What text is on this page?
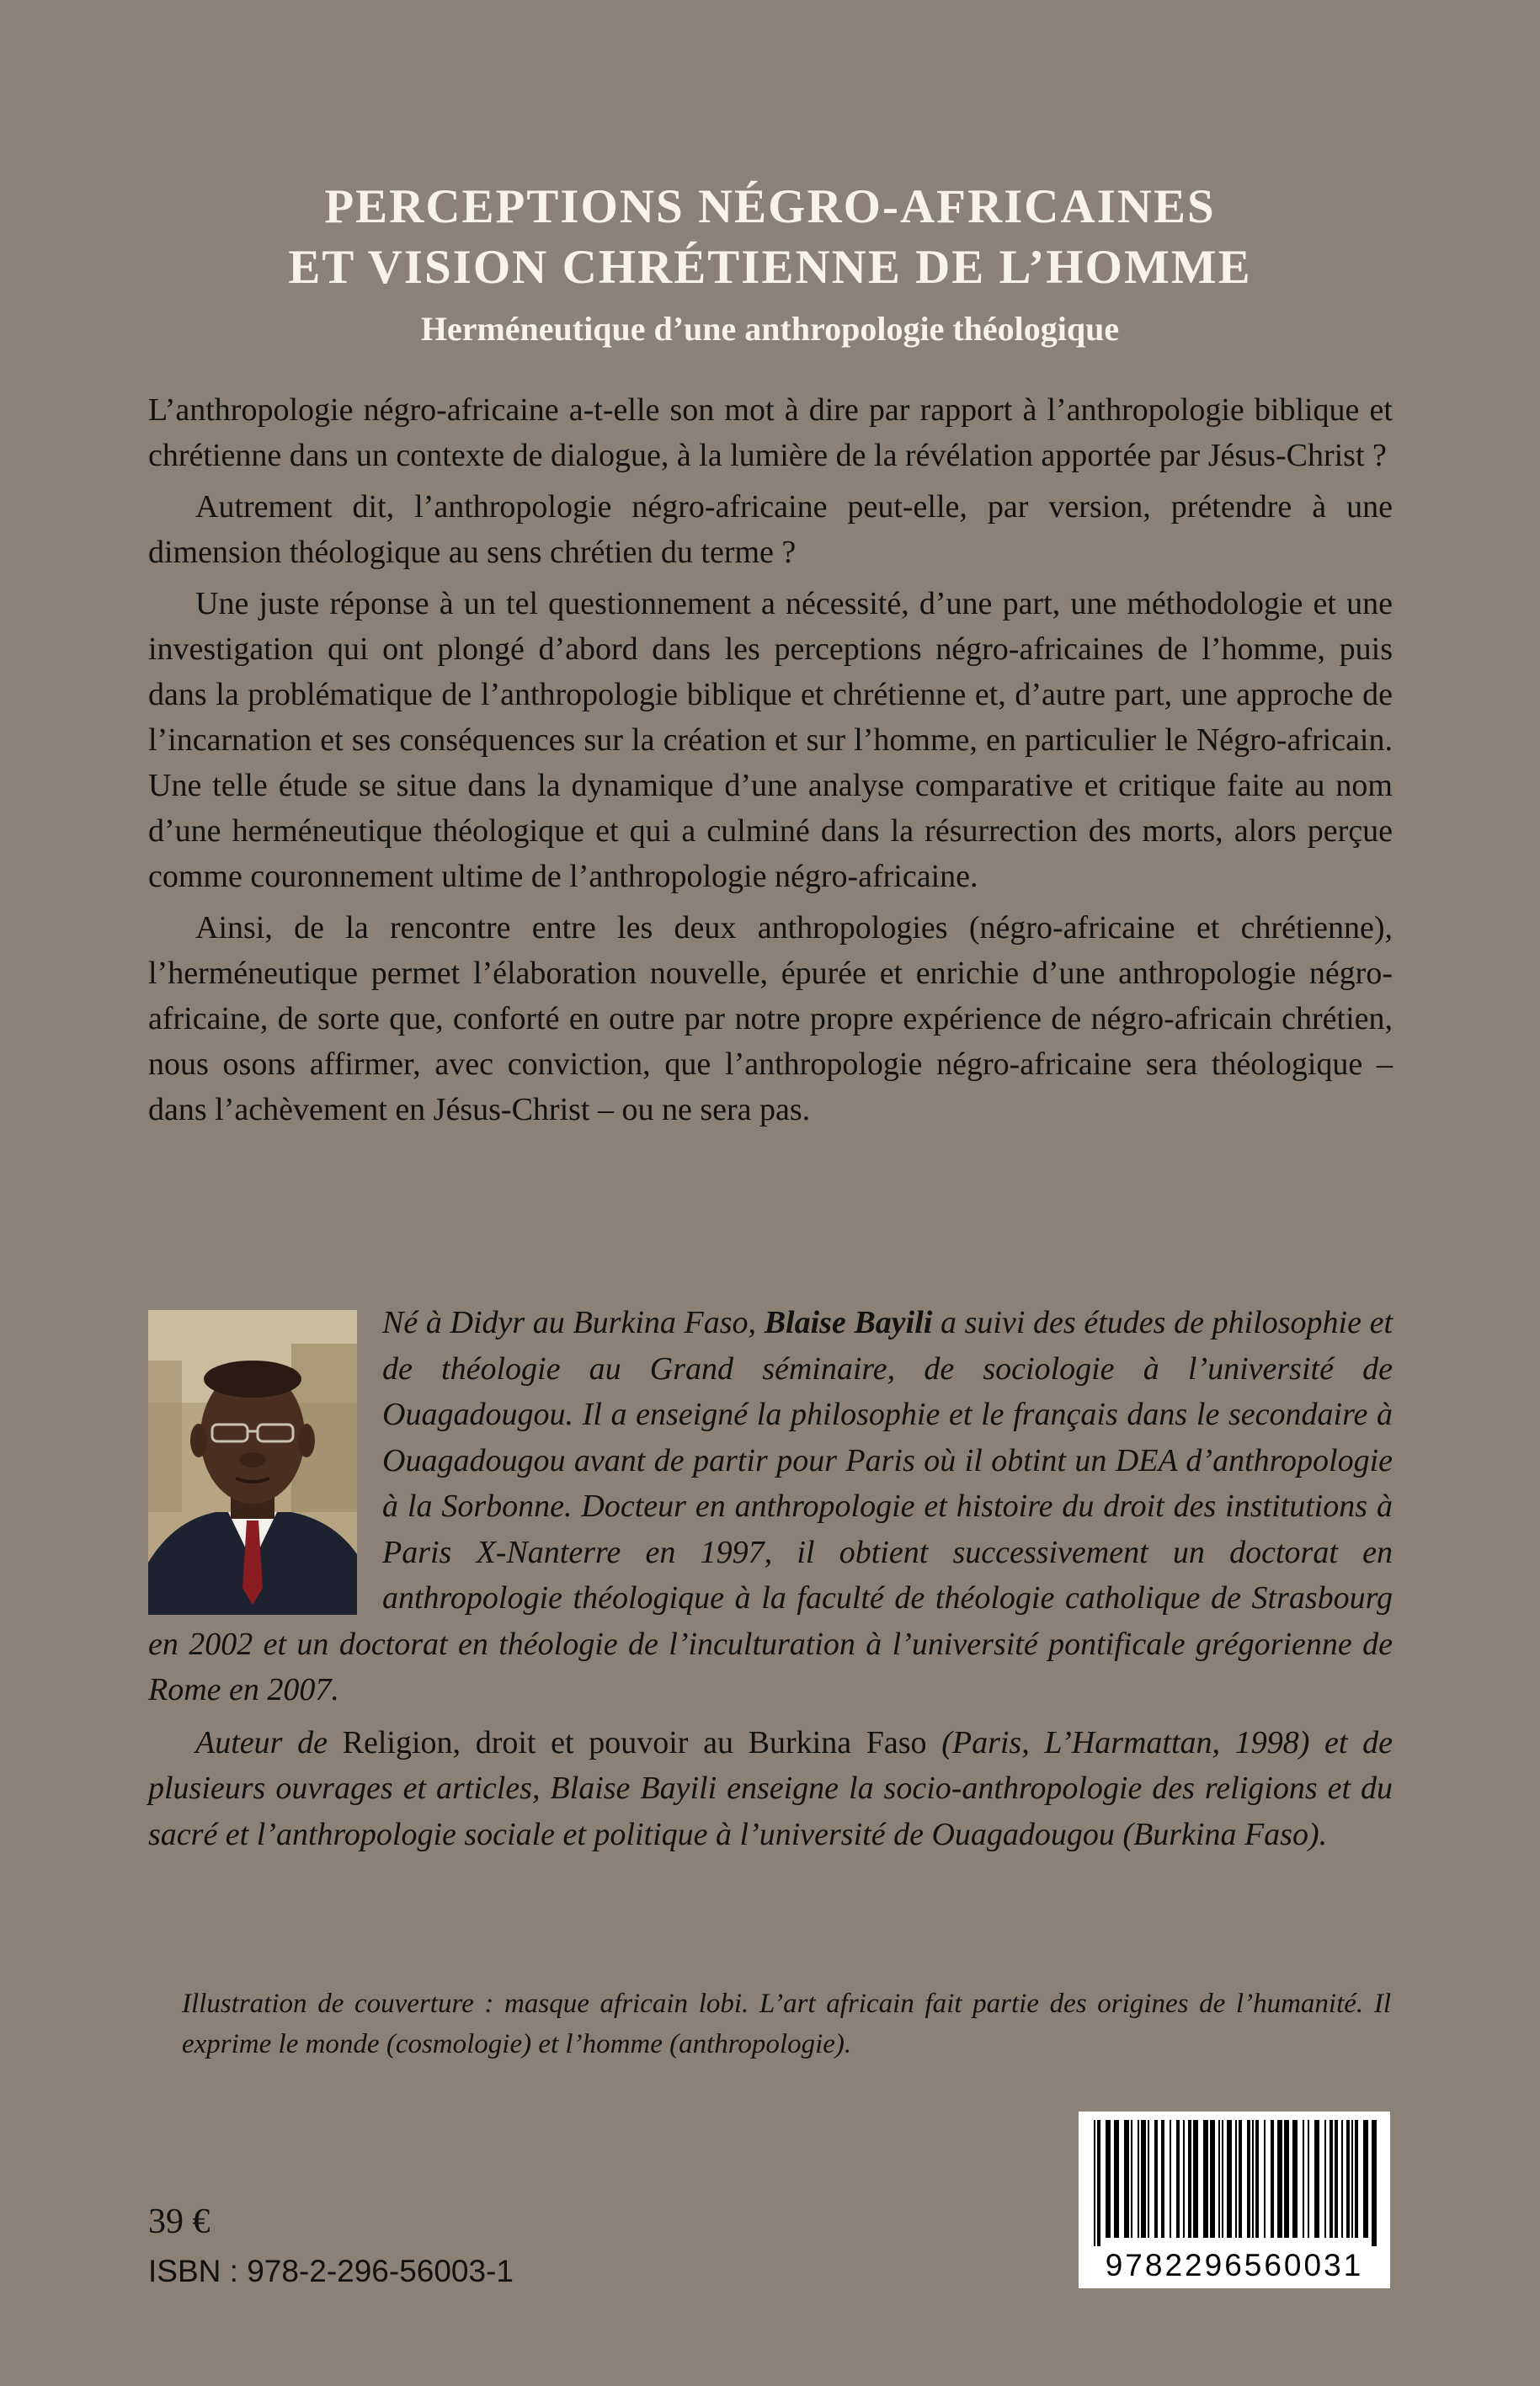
PERCEPTIONS NÉGRO-AFRICAINES
ET VISION CHRÉTIENNE DE L’HOMME
Herméneutique d’une anthropologie théologique

L’anthropologie négro-africaine a-t-elle son mot à dire par rapport à l’anthropologie biblique et chrétienne dans un contexte de dialogue, à la lumière de la révélation apportée par Jésus-Christ ?

Autrement dit, l’anthropologie négro-africaine peut-elle, par version, prétendre à une dimension théologique au sens chrétien du terme ?

Une juste réponse à un tel questionnement a nécessité, d’une part, une méthodologie et une investigation qui ont plongé d’abord dans les perceptions négro-africaines de l’homme, puis dans la problématique de l’anthropologie biblique et chrétienne et, d’autre part, une approche de l’incarnation et ses conséquences sur la création et sur l’homme, en particulier le Négro-africain. Une telle étude se situe dans la dynamique d’une analyse comparative et critique faite au nom d’une herméneutique théologique et qui a culminé dans la résurrection des morts, alors perçue comme couronnement ultime de l’anthropologie négro-africaine.

Ainsi, de la rencontre entre les deux anthropologies (négro-africaine et chrétienne), l’herméneutique permet l’élaboration nouvelle, épurée et enrichie d’une anthropologie négro-africaine, de sorte que, conforté en outre par notre propre expérience de négro-africain chrétien, nous osons affirmer, avec conviction, que l’anthropologie négro-africaine sera théologique – dans l’achèvement en Jésus-Christ – ou ne sera pas.

Né à Didyr au Burkina Faso, Blaise Bayili a suivi des études de philosophie et de théologie au Grand séminaire, de sociologie à l’université de Ouagadougou. Il a enseigné la philosophie et le français dans le secondaire à Ouagadougou avant de partir pour Paris où il obtint un DEA d’anthropologie à la Sorbonne. Docteur en anthropologie et histoire du droit des institutions à Paris X-Nanterre en 1997, il obtient successivement un doctorat en anthropologie théologique à la faculté de théologie catholique de Strasbourg en 2002 et un doctorat en théologie de l’inculturation à l’université pontificale grégorienne de Rome en 2007.

Auteur de Religion, droit et pouvoir au Burkina Faso (Paris, L’Harmattan, 1998) et de plusieurs ouvrages et articles, Blaise Bayili enseigne la socio-anthropologie des religions et du sacré et l’anthropologie sociale et politique à l’université de Ouagadougou (Burkina Faso).

Illustration de couverture : masque africain lobi. L’art africain fait partie des origines de l’humanité. Il exprime le monde (cosmologie) et l’homme (anthropologie).
39 €
ISBN : 978-2-296-56003-1	9782296560031
